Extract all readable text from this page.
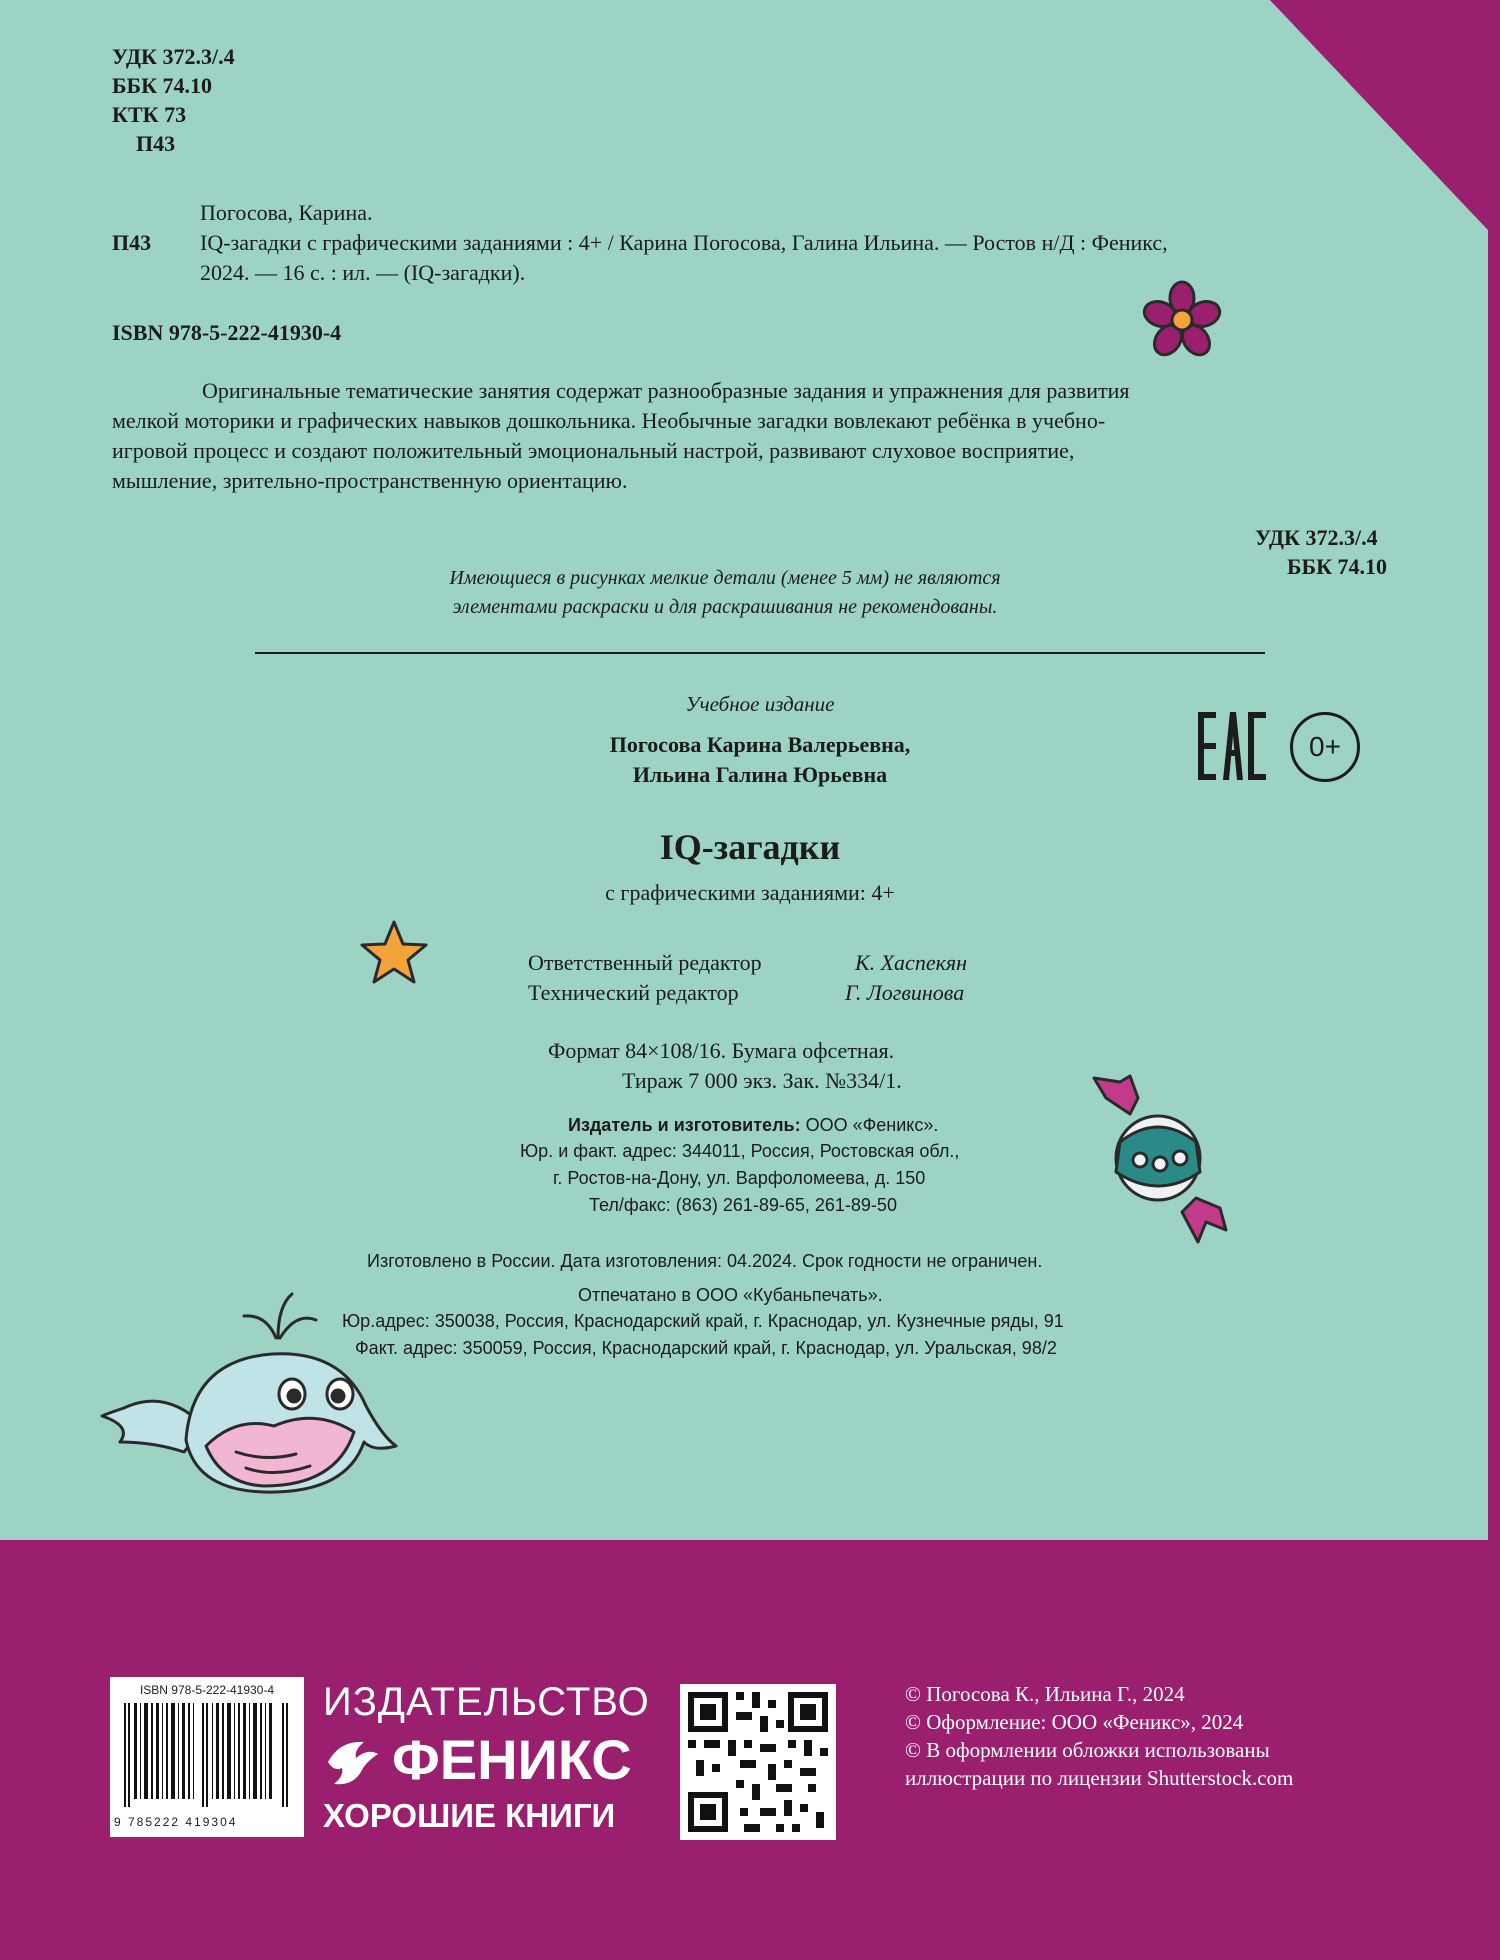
УДК 372.3/.4
ББК 74.10
КТК 73
П43
Погосова, Карина.
П43 IQ-загадки с графическими заданиями : 4+ / Карина Погосова, Галина Ильина. — Ростов н/Д : Феникс,
2024. — 16 с. : ил. — (IQ-загадки).
ISBN 978-5-222-41930-4
Оригинальные тематические занятия содержат разнообразные задания и упражнения для развития
мелкой моторики и графических навыков дошкольника. Необычные загадки вовлекают ребёнка в учебно-
игровой процесс и создают положительный эмоциональный настрой, развивают слуховое восприятие,
мышление, зрительно-пространственную ориентацию.
УДК 372.3/.4
ББК 74.10
Имеющиеся в рисунках мелкие детали (менее 5 мм) не являются
элементами раскраски и для раскрашивания не рекомендованы.
Учебное издание
Погосова Карина Валерьевна,
Ильина Галина Юрьевна
0+
IQ-загадки
с графическими заданиями: 4+
Ответственный редактор	К. Хаспекян
Технический редактор	Г. Логвинова
Формат 84×108/16. Бумага офсетная.
Тираж 7 000 экз. Зак. №334/1.
Издатель и изготовитель: ООО «Феникс».
Юр. и факт. адрес: 344011, Россия, Ростовская обл.,
г. Ростов-на-Дону, ул. Варфоломеева, д. 150
Тел/факс: (863) 261-89-65, 261-89-50
Изготовлено в России. Дата изготовления: 04.2024. Срок годности не ограничен.
Отпечатано в ООО «Кубаньпечать».
Юр.адрес: 350038, Россия, Краснодарский край, г. Краснодар, ул. Кузнечные ряды, 91
Факт. адрес: 350059, Россия, Краснодарский край, г. Краснодар, ул. Уральская, 98/2
ISBN 978-5-222-41930-4
9 785222 419304
ИЗДАТЕЛЬСТВО
ФЕНИКС
ХОРОШИЕ КНИГИ
© Погосова К., Ильина Г., 2024
© Оформление: ООО «Феникс», 2024
© В оформлении обложки использованы
иллюстрации по лицензии Shutterstock.com
